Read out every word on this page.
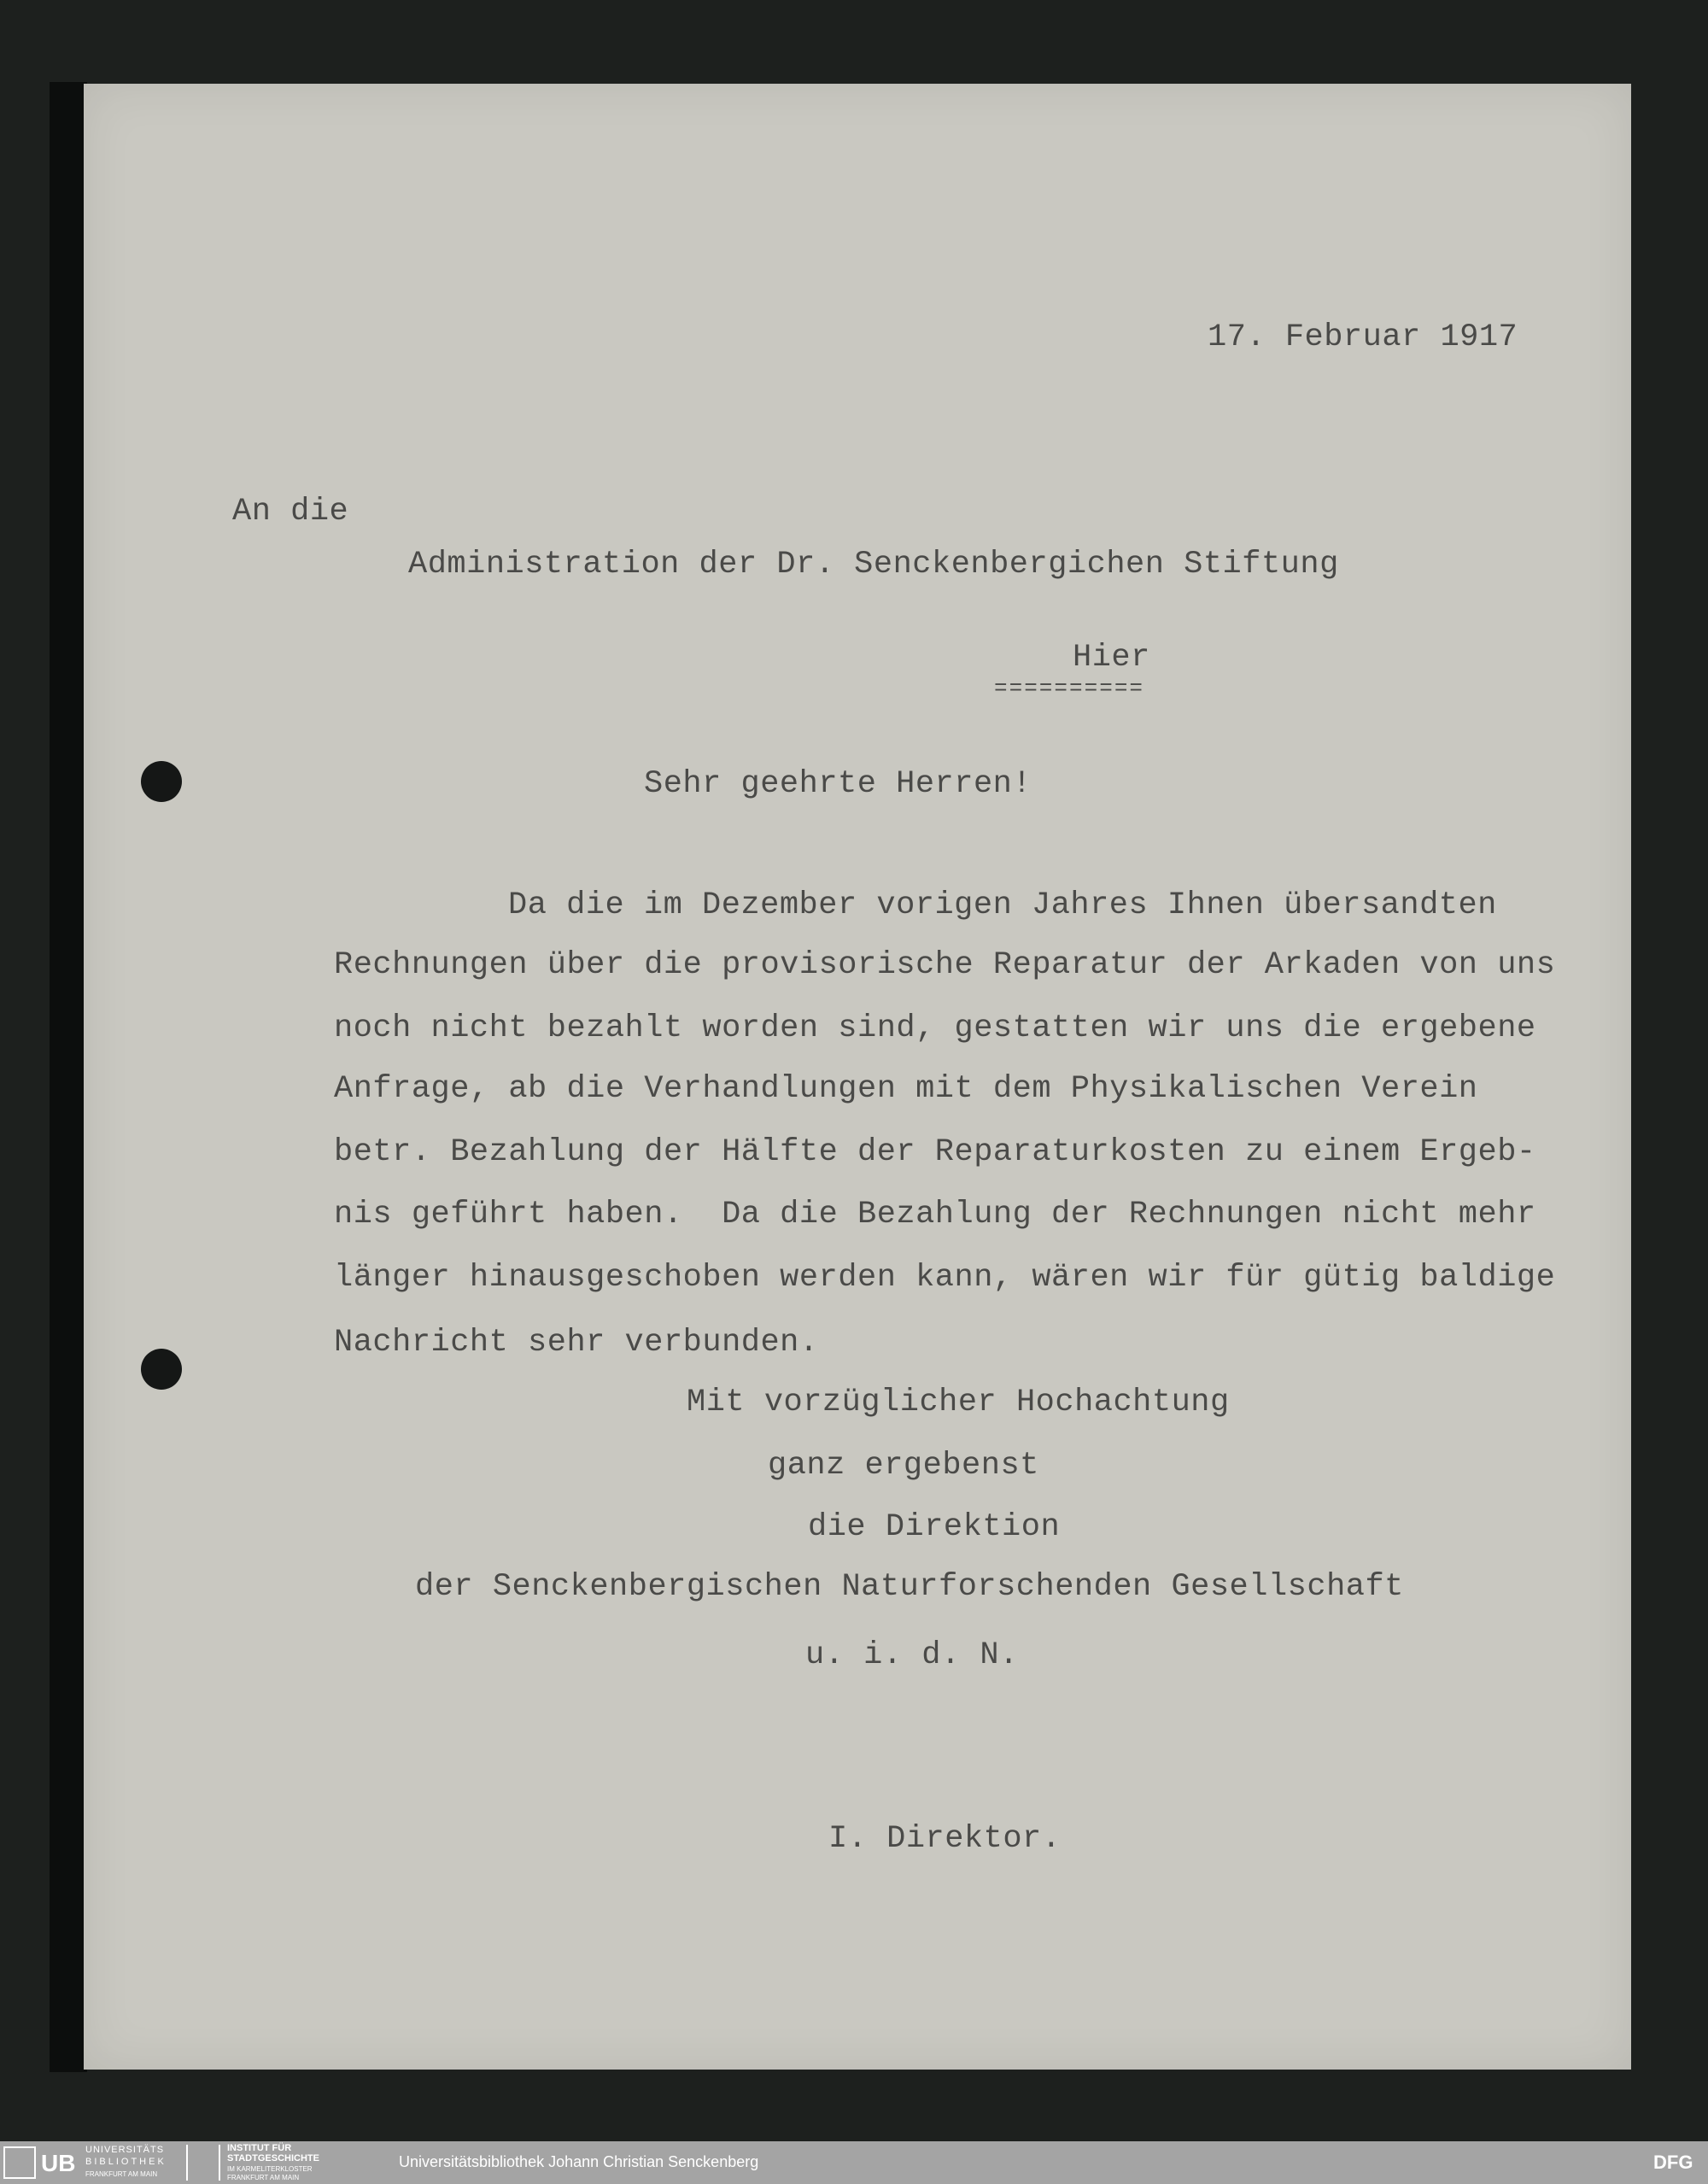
17. Februar 1917
An die
Administration der Dr. Senckenbergichen Stiftung
Hier
==========
Sehr geehrte Herren!
Da die im Dezember vorigen Jahres Ihnen übersandten
Rechnungen über die provisorische Reparatur der Arkaden von uns
noch nicht bezahlt worden sind, gestatten wir uns die ergebene
Anfrage, ab die Verhandlungen mit dem Physikalischen Verein
betr. Bezahlung der Hälfte der Reparaturkosten zu einem Ergeb-
nis geführt haben.  Da die Bezahlung der Rechnungen nicht mehr
länger hinausgeschoben werden kann, wären wir für gütig baldige
Nachricht sehr verbunden.
Mit vorzüglicher Hochachtung
ganz ergebenst
die Direktion
der Senckenbergischen Naturforschenden Gesellschaft
u. i. d. N.
I. Direktor.
UB UNIVERSITÄTS
BIBLIOTHEK
FRANKFURT AM MAIN
INSTITUT FÜR
STADTGESCHICHTE
IM KARMELITERKLOSTER
FRANKFURT AM MAIN
Universitätsbibliothek Johann Christian Senckenberg	DFG
